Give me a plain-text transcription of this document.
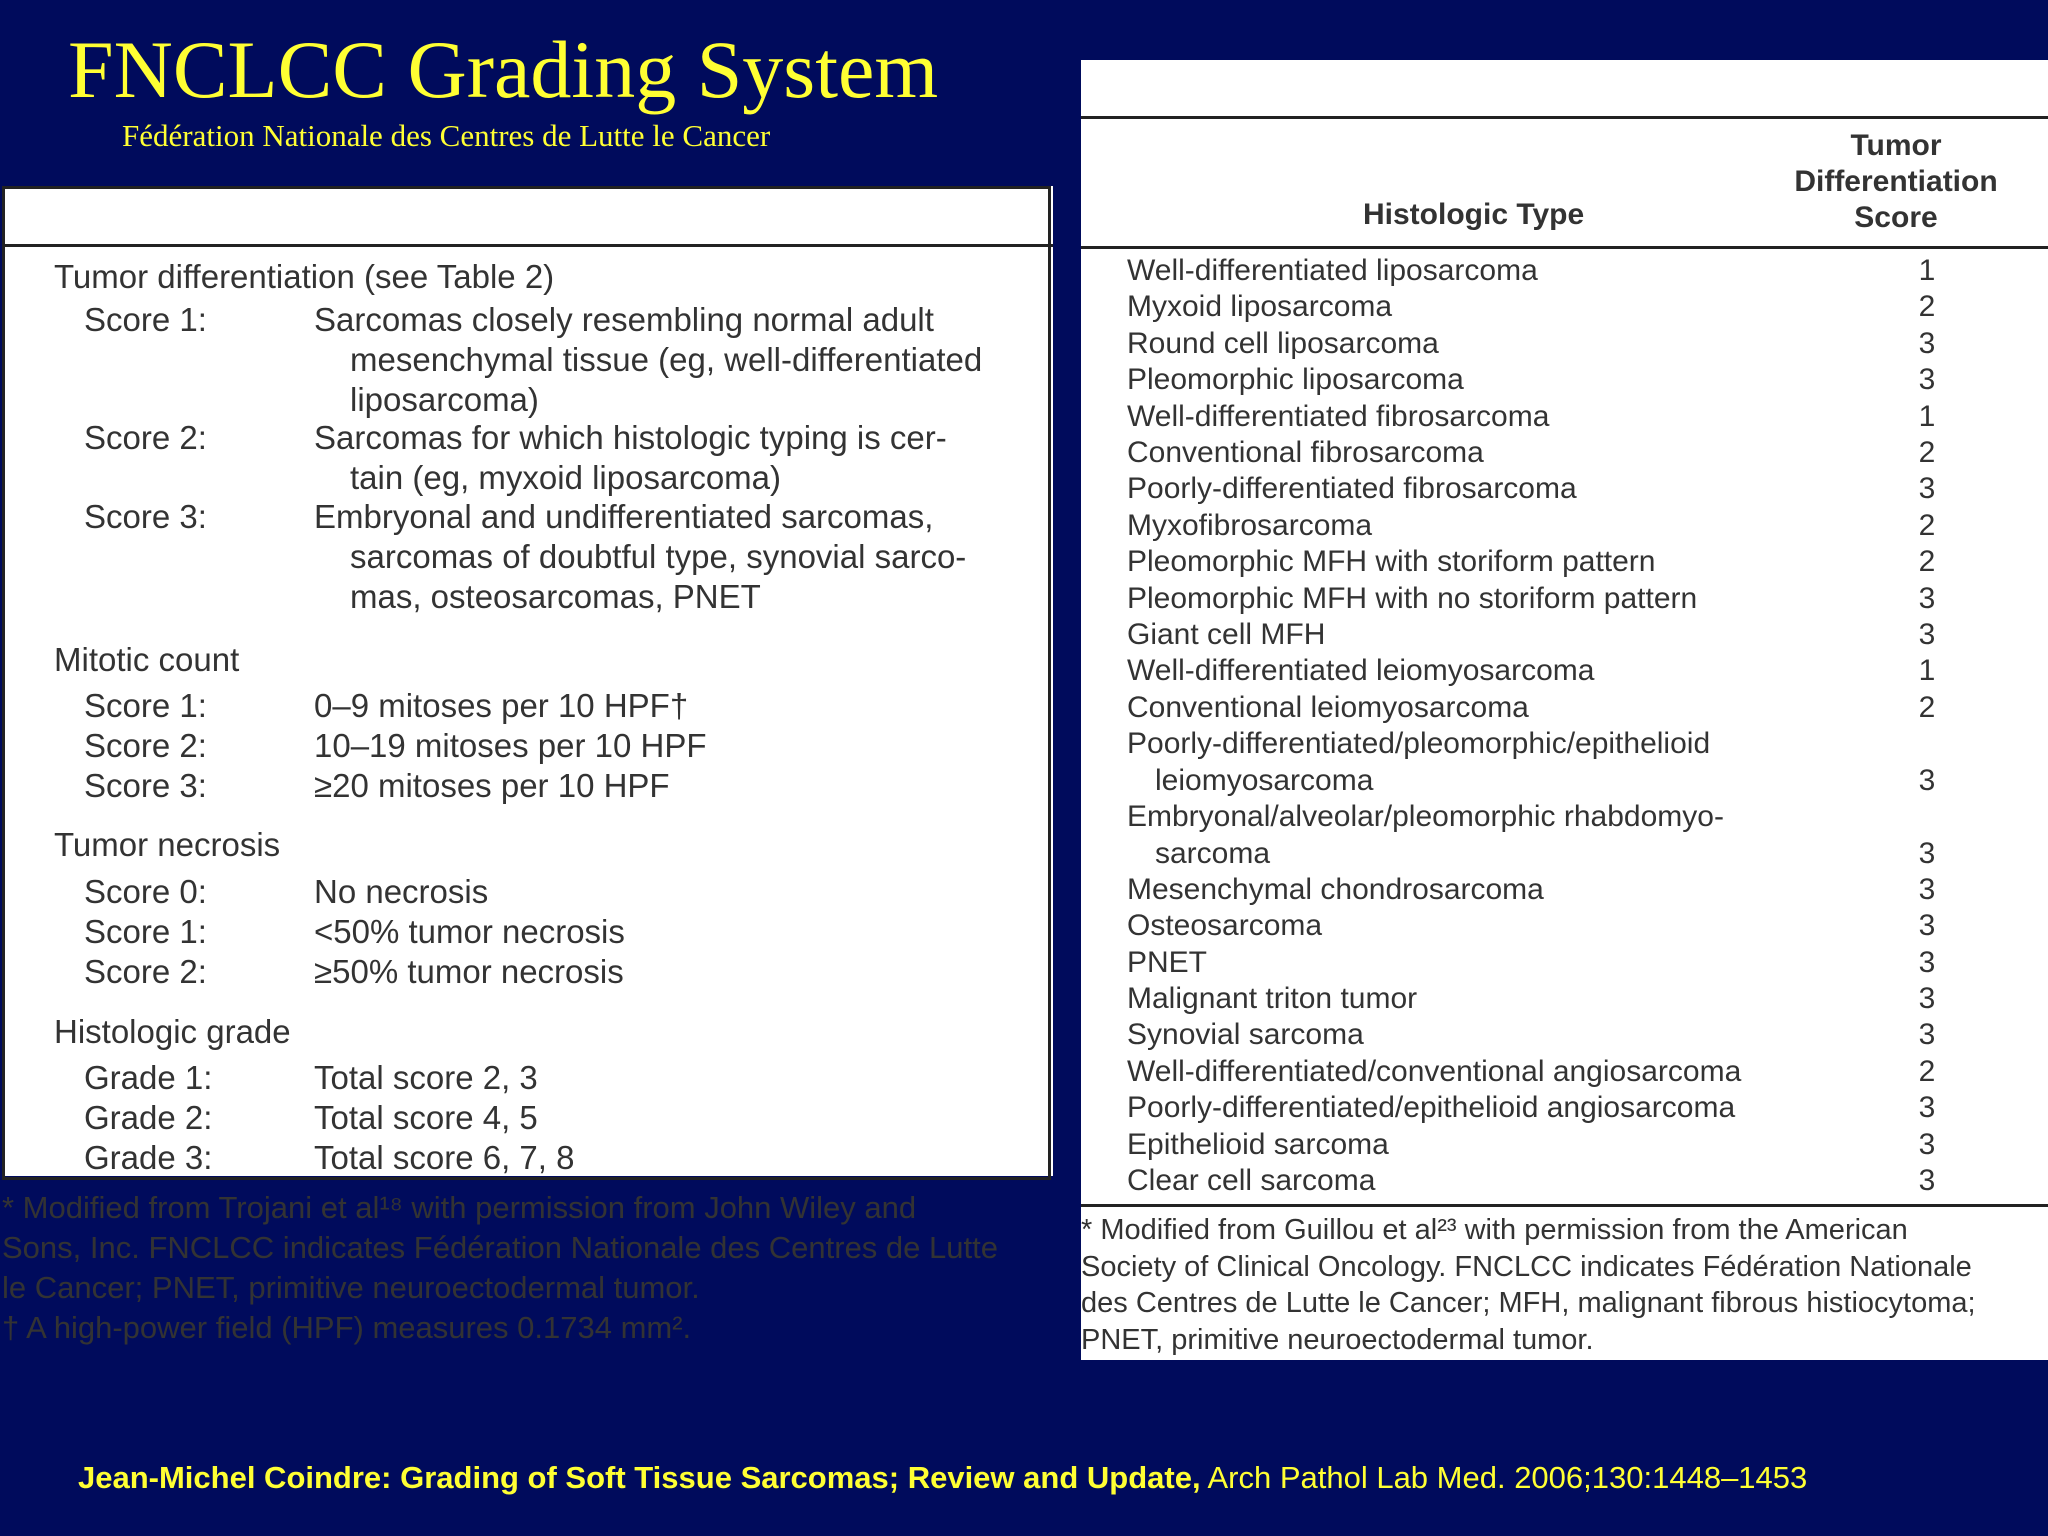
FNCLCC Grading System
Fédération Nationale des Centres de Lutte le Cancer
Tumor differentiation (see Table 2)
Score 1:	Sarcomas closely resembling normal adult
mesenchymal tissue (eg, well-differentiated
liposarcoma)
Score 2:	Sarcomas for which histologic typing is cer-
tain (eg, myxoid liposarcoma)
Score 3:	Embryonal and undifferentiated sarcomas,
sarcomas of doubtful type, synovial sarco-
mas, osteosarcomas, PNET
Mitotic count
Score 1:	0–9 mitoses per 10 HPF†
Score 2:	10–19 mitoses per 10 HPF
Score 3:	≥20 mitoses per 10 HPF
Tumor necrosis
Score 0:	No necrosis
Score 1:	<50% tumor necrosis
Score 2:	≥50% tumor necrosis
Histologic grade
Grade 1:	Total score 2, 3
Grade 2:	Total score 4, 5
Grade 3:	Total score 6, 7, 8
* Modified from Trojani et al¹⁸ with permission from John Wiley and
Sons, Inc. FNCLCC indicates Fédération Nationale des Centres de Lutte
le Cancer; PNET, primitive neuroectodermal tumor.
† A high-power field (HPF) measures 0.1734 mm².
Tumor
Differentiation
Score
Histologic Type
Well-differentiated liposarcoma	1
Myxoid liposarcoma	2
Round cell liposarcoma	3
Pleomorphic liposarcoma	3
Well-differentiated fibrosarcoma	1
Conventional fibrosarcoma	2
Poorly-differentiated fibrosarcoma	3
Myxofibrosarcoma	2
Pleomorphic MFH with storiform pattern	2
Pleomorphic MFH with no storiform pattern	3
Giant cell MFH	3
Well-differentiated leiomyosarcoma	1
Conventional leiomyosarcoma	2
Poorly-differentiated/pleomorphic/epithelioid
leiomyosarcoma	3
Embryonal/alveolar/pleomorphic rhabdomyo-
sarcoma	3
Mesenchymal chondrosarcoma	3
Osteosarcoma	3
PNET	3
Malignant triton tumor	3
Synovial sarcoma	3
Well-differentiated/conventional angiosarcoma	2
Poorly-differentiated/epithelioid angiosarcoma	3
Epithelioid sarcoma	3
Clear cell sarcoma	3
* Modified from Guillou et al²³ with permission from the American
Society of Clinical Oncology. FNCLCC indicates Fédération Nationale
des Centres de Lutte le Cancer; MFH, malignant fibrous histiocytoma;
PNET, primitive neuroectodermal tumor.
Jean-Michel Coindre: Grading of Soft Tissue Sarcomas; Review and Update, Arch Pathol Lab Med. 2006;130:1448–1453
